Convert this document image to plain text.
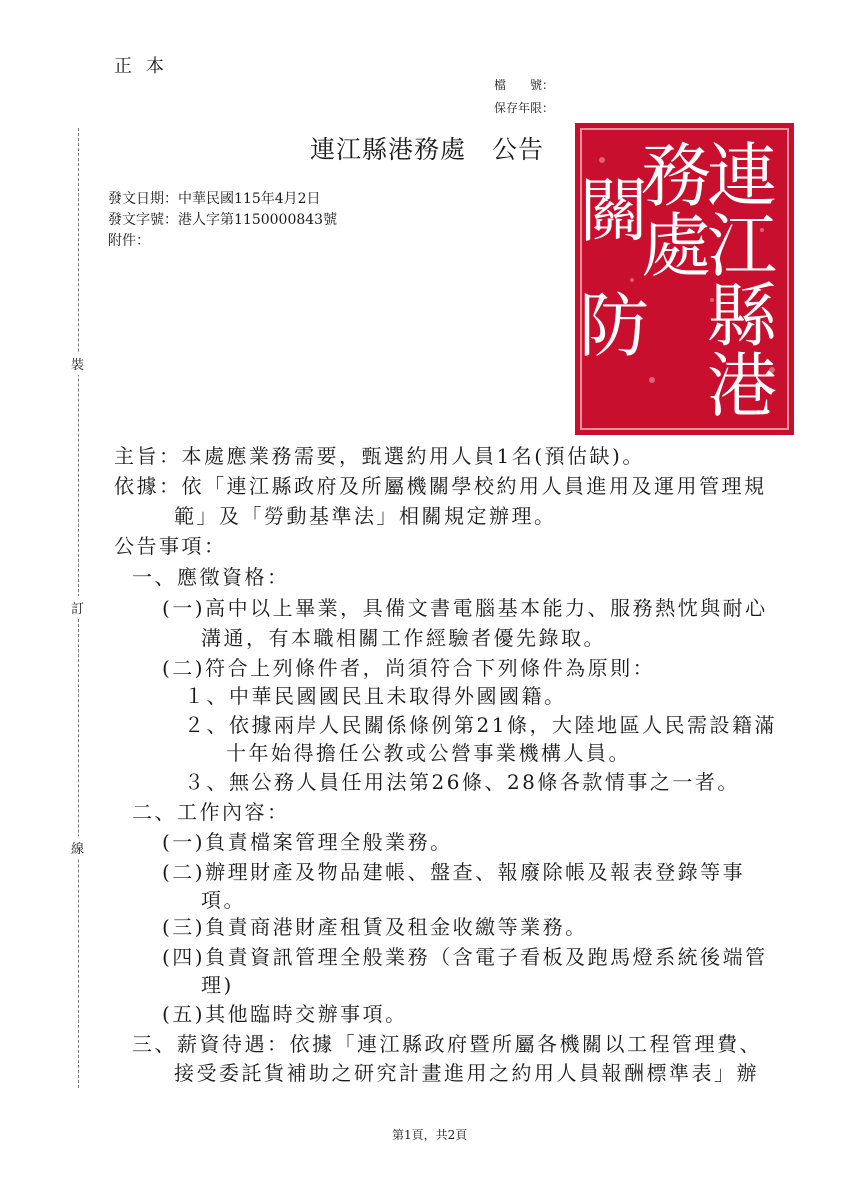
正本
檔　　號：
保存年限：
連江縣港務處　公告
發文日期：中華民國115年4月2日
發文字號：港人字第1150000843號
附件：
裝
訂
線
連
江
縣
港
務
處
關
防
主旨：本處應業務需要，甄選約用人員1名(預估缺)。
依據：依「連江縣政府及所屬機關學校約用人員進用及運用管理規
範」及「勞動基準法」相關規定辦理。
公告事項：
一、應徵資格：
(一)高中以上畢業，具備文書電腦基本能力、服務熱忱與耐心
溝通，有本職相關工作經驗者優先錄取。
(二)符合上列條件者，尚須符合下列條件為原則：
１、中華民國國民且未取得外國國籍。
２、依據兩岸人民關係條例第21條，大陸地區人民需設籍滿
十年始得擔任公教或公營事業機構人員。
３、無公務人員任用法第26條、28條各款情事之一者。
二、工作內容：
(一)負責檔案管理全般業務。
(二)辦理財產及物品建帳、盤查、報廢除帳及報表登錄等事
項。
(三)負責商港財產租賃及租金收繳等業務。
(四)負責資訊管理全般業務（含電子看板及跑馬燈系統後端管
理)
(五)其他臨時交辦事項。
三、薪資待遇：依據「連江縣政府暨所屬各機關以工程管理費、
接受委託貨補助之研究計畫進用之約用人員報酬標準表」辦
第1頁，共2頁
